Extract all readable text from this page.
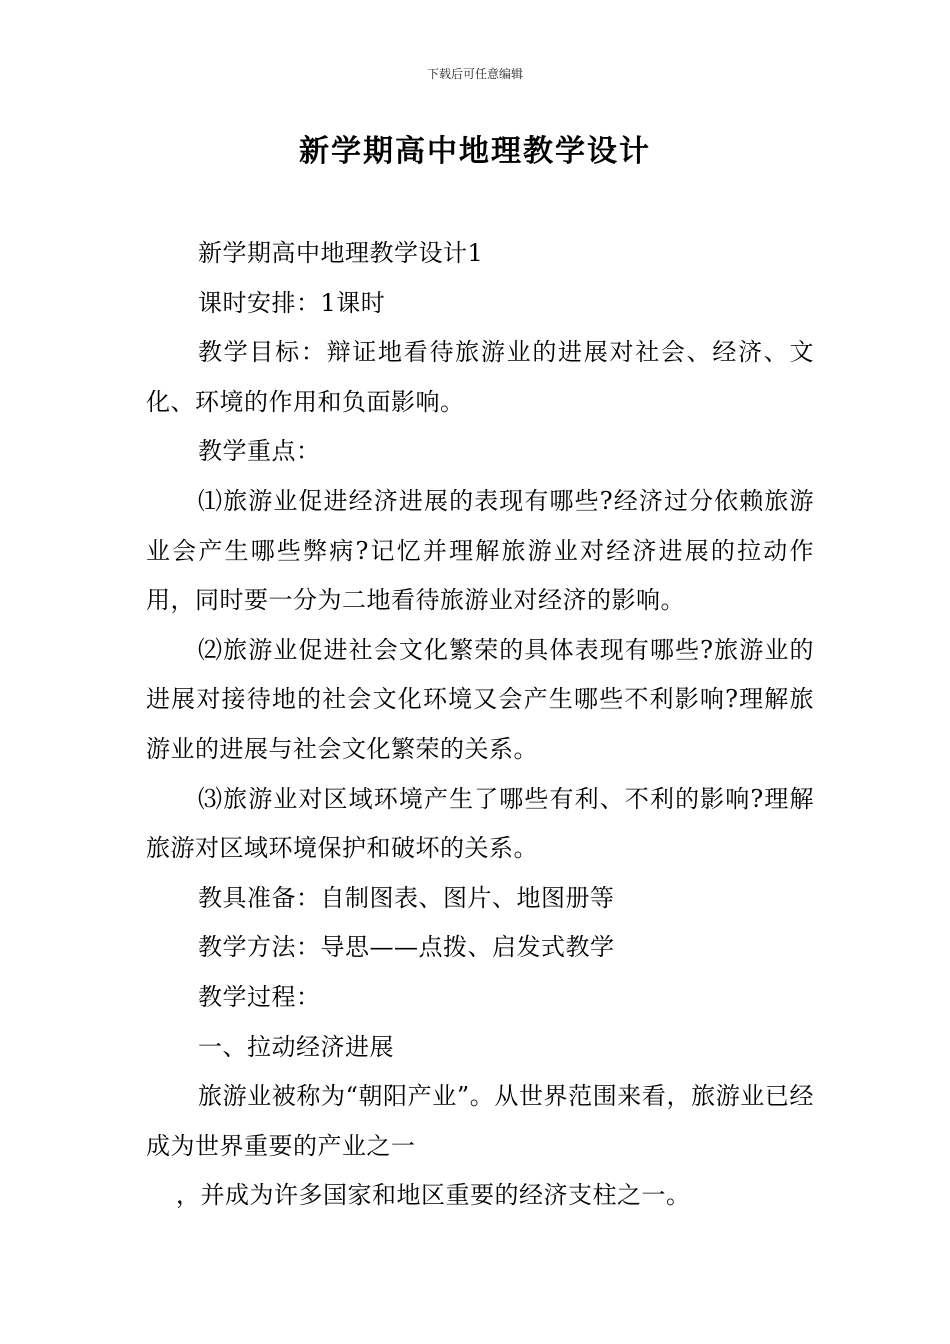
下载后可任意编辑
新学期高中地理教学设计

新学期高中地理教学设计1

课时安排：1课时

教学目标：辩证地看待旅游业的进展对社会、经济、文化、环境的作用和负面影响。

教学重点：

⑴旅游业促进经济进展的表现有哪些?经济过分依赖旅游业会产生哪些弊病?记忆并理解旅游业对经济进展的拉动作用，同时要一分为二地看待旅游业对经济的影响。

⑵旅游业促进社会文化繁荣的具体表现有哪些?旅游业的进展对接待地的社会文化环境又会产生哪些不利影响?理解旅游业的进展与社会文化繁荣的关系。

⑶旅游业对区域环境产生了哪些有利、不利的影响?理解旅游对区域环境保护和破坏的关系。

教具准备：自制图表、图片、地图册等

教学方法：导思——点拨、启发式教学

教学过程：

一、拉动经济进展

旅游业被称为“朝阳产业”。从世界范围来看，旅游业已经成为世界重要的产业之一

，并成为许多国家和地区重要的经济支柱之一。
